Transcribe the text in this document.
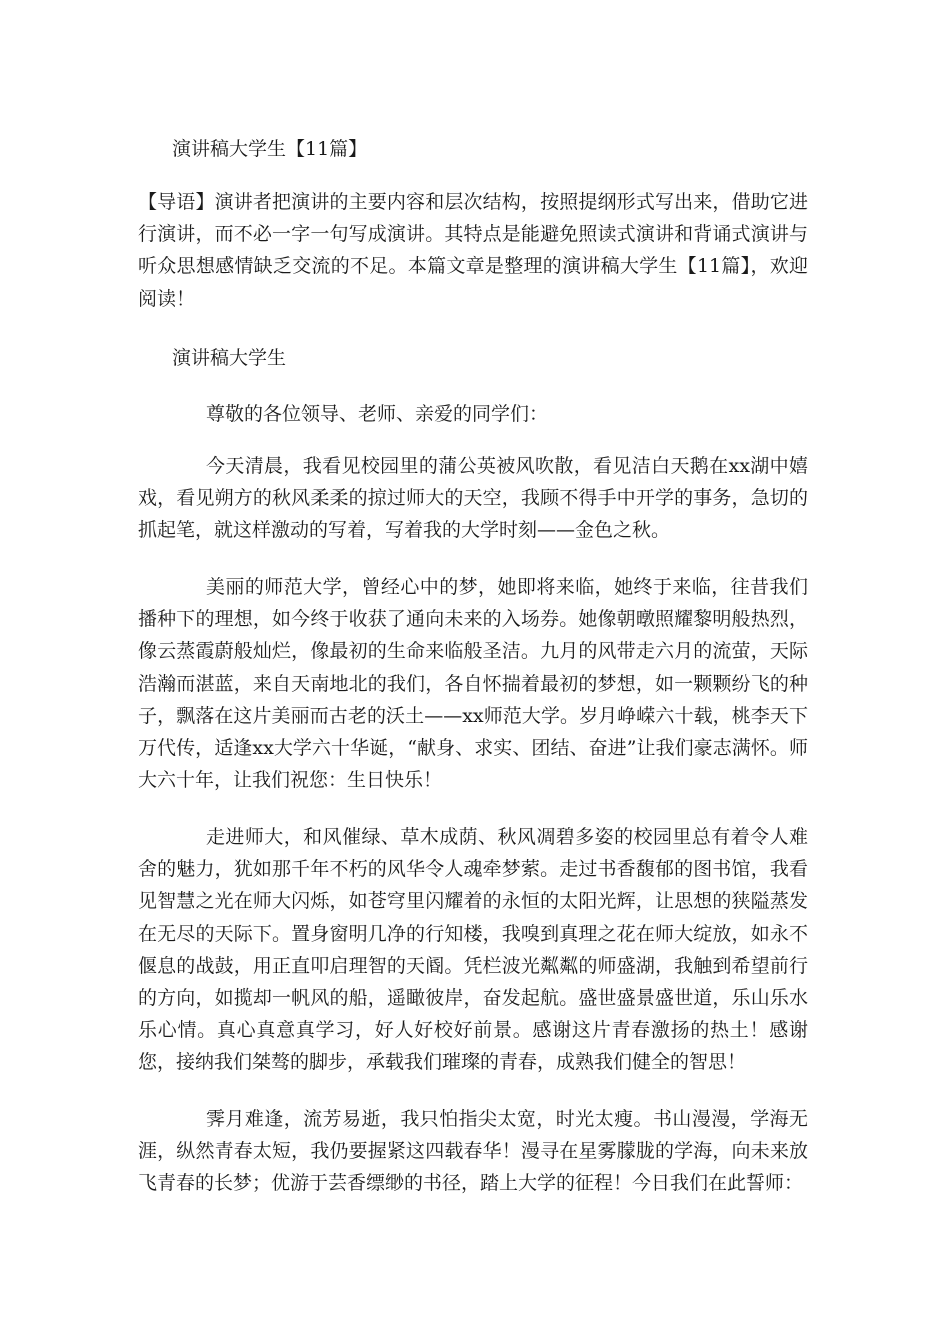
演讲稿大学生【11篇】

【导语】演讲者把演讲的主要内容和层次结构，按照提纲形式写出来，借助它进行演讲，而不必一字一句写成演讲。其特点是能避免照读式演讲和背诵式演讲与听众思想感情缺乏交流的不足。本篇文章是整理的演讲稿大学生【11篇】，欢迎阅读！

演讲稿大学生

尊敬的各位领导、老师、亲爱的同学们：

今天清晨，我看见校园里的蒲公英被风吹散，看见洁白天鹅在xx湖中嬉戏，看见朔方的秋风柔柔的掠过师大的天空，我顾不得手中开学的事务，急切的抓起笔，就这样激动的写着，写着我的大学时刻——金色之秋。

美丽的师范大学，曾经心中的梦，她即将来临，她终于来临，往昔我们播种下的理想，如今终于收获了通向未来的入场券。她像朝暾照耀黎明般热烈，像云蒸霞蔚般灿烂，像最初的生命来临般圣洁。九月的风带走六月的流萤，天际浩瀚而湛蓝，来自天南地北的我们，各自怀揣着最初的梦想，如一颗颗纷飞的种子，飘落在这片美丽而古老的沃土——xx师范大学。岁月峥嵘六十载，桃李天下万代传，适逢xx大学六十华诞，“献身、求实、团结、奋进”让我们豪志满怀。师大六十年，让我们祝您：生日快乐！

走进师大，和风催绿、草木成荫、秋风凋碧多姿的校园里总有着令人难舍的魅力，犹如那千年不朽的风华令人魂牵梦萦。走过书香馥郁的图书馆，我看见智慧之光在师大闪烁，如苍穹里闪耀着的永恒的太阳光辉，让思想的狭隘蒸发在无尽的天际下。置身窗明几净的行知楼，我嗅到真理之花在师大绽放，如永不偃息的战鼓，用正直叩启理智的天阍。凭栏波光粼粼的师盛湖，我触到希望前行的方向，如揽却一帆风的船，遥瞰彼岸，奋发起航。盛世盛景盛世道，乐山乐水乐心情。真心真意真学习，好人好校好前景。感谢这片青春激扬的热土！感谢您，接纳我们桀骜的脚步，承载我们璀璨的青春，成熟我们健全的智思！

霁月难逢，流芳易逝，我只怕指尖太宽，时光太瘦。书山漫漫，学海无涯，纵然青春太短，我仍要握紧这四载春华！漫寻在星雾朦胧的学海，向未来放飞青春的长梦；优游于芸香缥缈的书径，踏上大学的征程！今日我们在此誓师：
